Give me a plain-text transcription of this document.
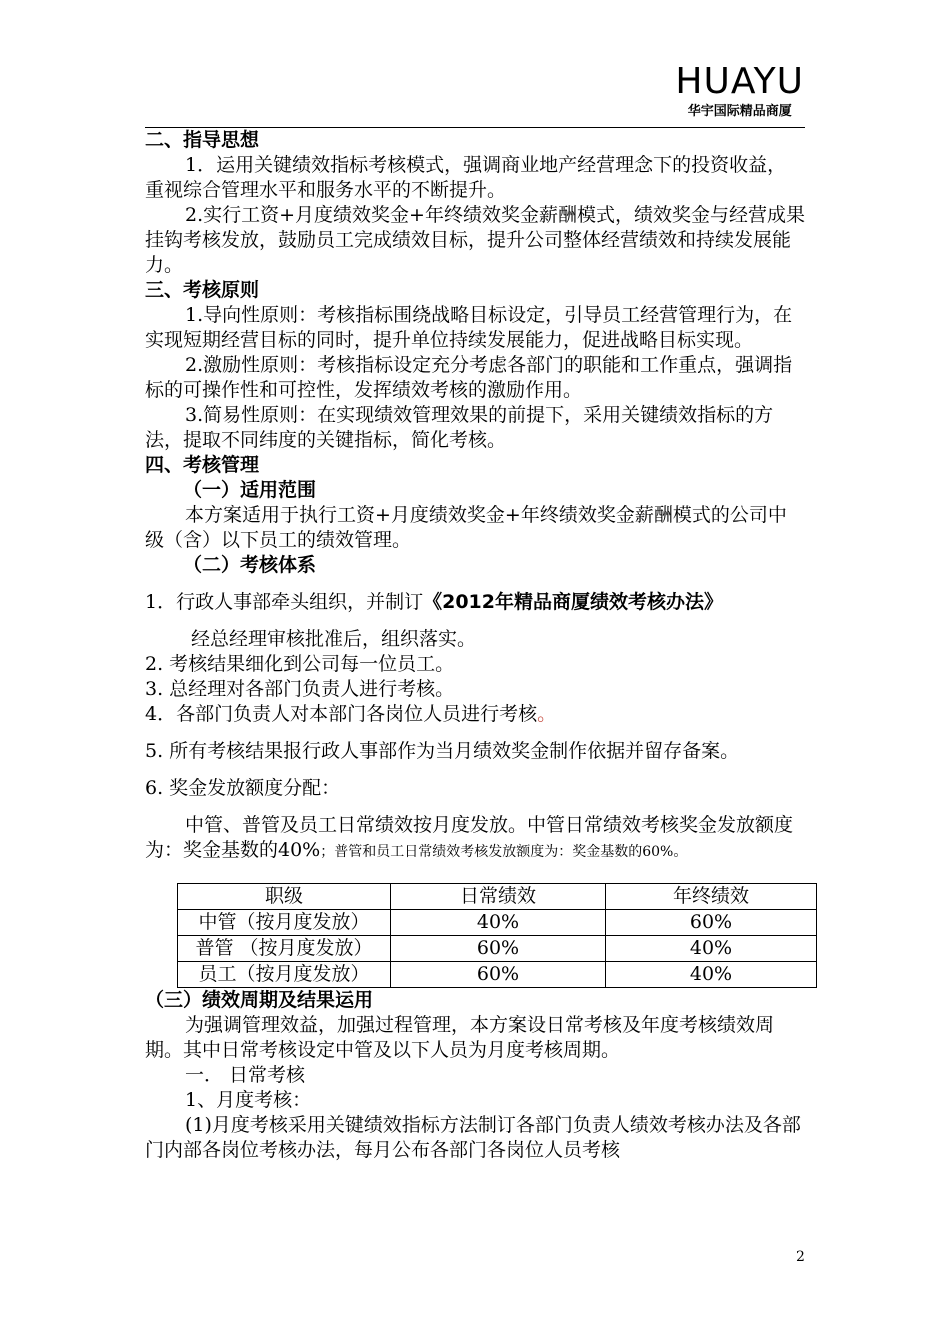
HUAYU
华宇国际精品商厦

二、指导思想

1．运用关键绩效指标考核模式，强调商业地产经营理念下的投资收益，重视综合管理水平和服务水平的不断提升。

2.实行工资+月度绩效奖金+年终绩效奖金薪酬模式，绩效奖金与经营成果挂钩考核发放，鼓励员工完成绩效目标，提升公司整体经营绩效和持续发展能力。

三、考核原则

1.导向性原则：考核指标围绕战略目标设定，引导员工经营管理行为，在实现短期经营目标的同时，提升单位持续发展能力，促进战略目标实现。

2.激励性原则：考核指标设定充分考虑各部门的职能和工作重点，强调指标的可操作性和可控性，发挥绩效考核的激励作用。

3.简易性原则：在实现绩效管理效果的前提下，采用关键绩效指标的方法，提取不同纬度的关键指标，简化考核。

四、考核管理

（一）适用范围

本方案适用于执行工资+月度绩效奖金+年终绩效奖金薪酬模式的公司中级（含）以下员工的绩效管理。

（二）考核体系

1．行政人事部牵头组织，并制订《2012年精品商厦绩效考核办法》

经总经理审核批准后，组织落实。

2. 考核结果细化到公司每一位员工。

3. 总经理对各部门负责人进行考核。

4．各部门负责人对本部门各岗位人员进行考核。

5. 所有考核结果报行政人事部作为当月绩效奖金制作依据并留存备案。

6. 奖金发放额度分配：

中管、普管及员工日常绩效按月度发放。中管日常绩效考核奖金发放额度为：奖金基数的40%；普管和员工日常绩效考核发放额度为：奖金基数的60%。

职级	日常绩效	年终绩效
中管（按月度发放）	40%	60%
普管 （按月度发放）	60%	40%
员工（按月度发放）	60%	40%

（三）绩效周期及结果运用

为强调管理效益，加强过程管理，本方案设日常考核及年度考核绩效周期。其中日常考核设定中管及以下人员为月度考核周期。

一． 日常考核

1、月度考核：

(1)月度考核采用关键绩效指标方法制订各部门负责人绩效考核办法及各部门内部各岗位考核办法，每月公布各部门各岗位人员考核

2
